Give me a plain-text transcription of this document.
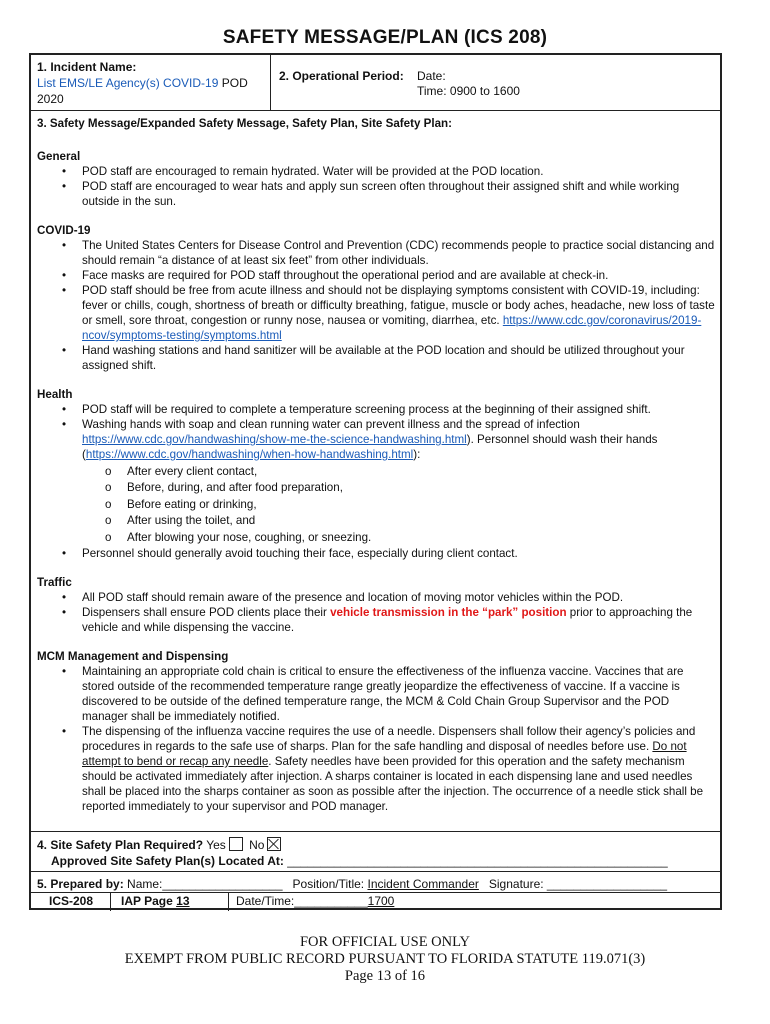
SAFETY MESSAGE/PLAN (ICS 208)
1. Incident Name:
List EMS/LE Agency(s) COVID-19 POD
2020
2. Operational Period: Date:
Time: 0900 to 1600
3. Safety Message/Expanded Safety Message, Safety Plan, Site Safety Plan:
General
• POD staff are encouraged to remain hydrated. Water will be provided at the POD location.
• POD staff are encouraged to wear hats and apply sun screen often throughout their assigned shift and while working outside in the sun.
COVID-19
• The United States Centers for Disease Control and Prevention (CDC) recommends people to practice social distancing and should remain “a distance of at least six feet” from other individuals.
• Face masks are required for POD staff throughout the operational period and are available at check-in.
• POD staff should be free from acute illness and should not be displaying symptoms consistent with COVID-19, including: fever or chills, cough, shortness of breath or difficulty breathing, fatigue, muscle or body aches, headache, new loss of taste or smell, sore throat, congestion or runny nose, nausea or vomiting, diarrhea, etc. https://www.cdc.gov/coronavirus/2019-ncov/symptoms-testing/symptoms.html
• Hand washing stations and hand sanitizer will be available at the POD location and should be utilized throughout your assigned shift.
Health
• POD staff will be required to complete a temperature screening process at the beginning of their assigned shift.
• Washing hands with soap and clean running water can prevent illness and the spread of infection https://www.cdc.gov/handwashing/show-me-the-science-handwashing.html). Personnel should wash their hands (https://www.cdc.gov/handwashing/when-how-handwashing.html):
o After every client contact,
o Before, during, and after food preparation,
o Before eating or drinking,
o After using the toilet, and
o After blowing your nose, coughing, or sneezing.
• Personnel should generally avoid touching their face, especially during client contact.
Traffic
• All POD staff should remain aware of the presence and location of moving motor vehicles within the POD.
• Dispensers shall ensure POD clients place their vehicle transmission in the “park” position prior to approaching the vehicle and while dispensing the vaccine.
MCM Management and Dispensing
• Maintaining an appropriate cold chain is critical to ensure the effectiveness of the influenza vaccine. Vaccines that are stored outside of the recommended temperature range greatly jeopardize the effectiveness of vaccine. If a vaccine is discovered to be outside of the defined temperature range, the MCM & Cold Chain Group Supervisor and the POD manager shall be immediately notified.
• The dispensing of the influenza vaccine requires the use of a needle. Dispensers shall follow their agency’s policies and procedures in regards to the safe use of sharps. Plan for the safe handling and disposal of needles before use. Do not attempt to bend or recap any needle. Safety needles have been provided for this operation and the safety mechanism should be activated immediately after injection. A sharps container is located in each dispensing lane and used needles shall be placed into the sharps container as soon as possible after the injection. The occurrence of a needle stick shall be reported immediately to your supervisor and POD manager.
4. Site Safety Plan Required? Yes No
Approved Site Safety Plan(s) Located At: _________________________________________________________
5. Prepared by: Name:__________________ Position/Title: Incident Commander Signature: __________________
ICS-208	IAP Page 13	Date/Time:___________1700
FOR OFFICIAL USE ONLY
EXEMPT FROM PUBLIC RECORD PURSUANT TO FLORIDA STATUTE 119.071(3)
Page 13 of 16
